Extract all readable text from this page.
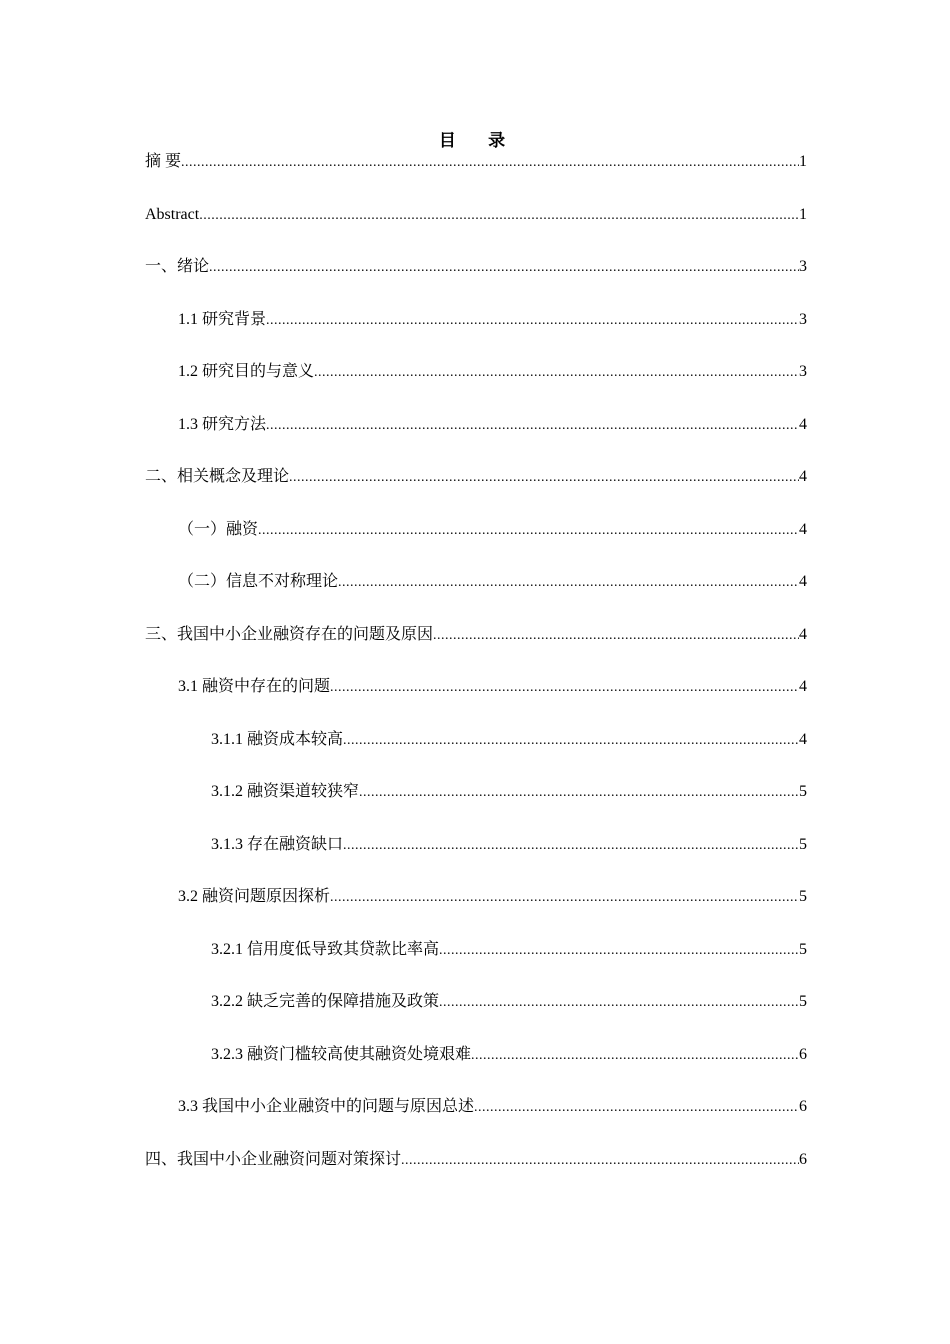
目 录
摘 要 .....	1
Abstract .....	1
一、绪论 .....	3
1.1 研究背景 .....	3
1.2 研究目的与意义 .....	3
1.3 研究方法 .....	4
二、相关概念及理论 .....	4
（一）融资 .....	4
（二）信息不对称理论 .....	4
三、我国中小企业融资存在的问题及原因 .....	4
3.1 融资中存在的问题 .....	4
3.1.1 融资成本较高 .....	4
3.1.2 融资渠道较狭窄 .....	5
3.1.3 存在融资缺口 .....	5
3.2 融资问题原因探析 .....	5
3.2.1 信用度低导致其贷款比率高 .....	5
3.2.2 缺乏完善的保障措施及政策 .....	5
3.2.3 融资门槛较高使其融资处境艰难 .....	6
3.3 我国中小企业融资中的问题与原因总述 .....	6
四、我国中小企业融资问题对策探讨 .....	6
